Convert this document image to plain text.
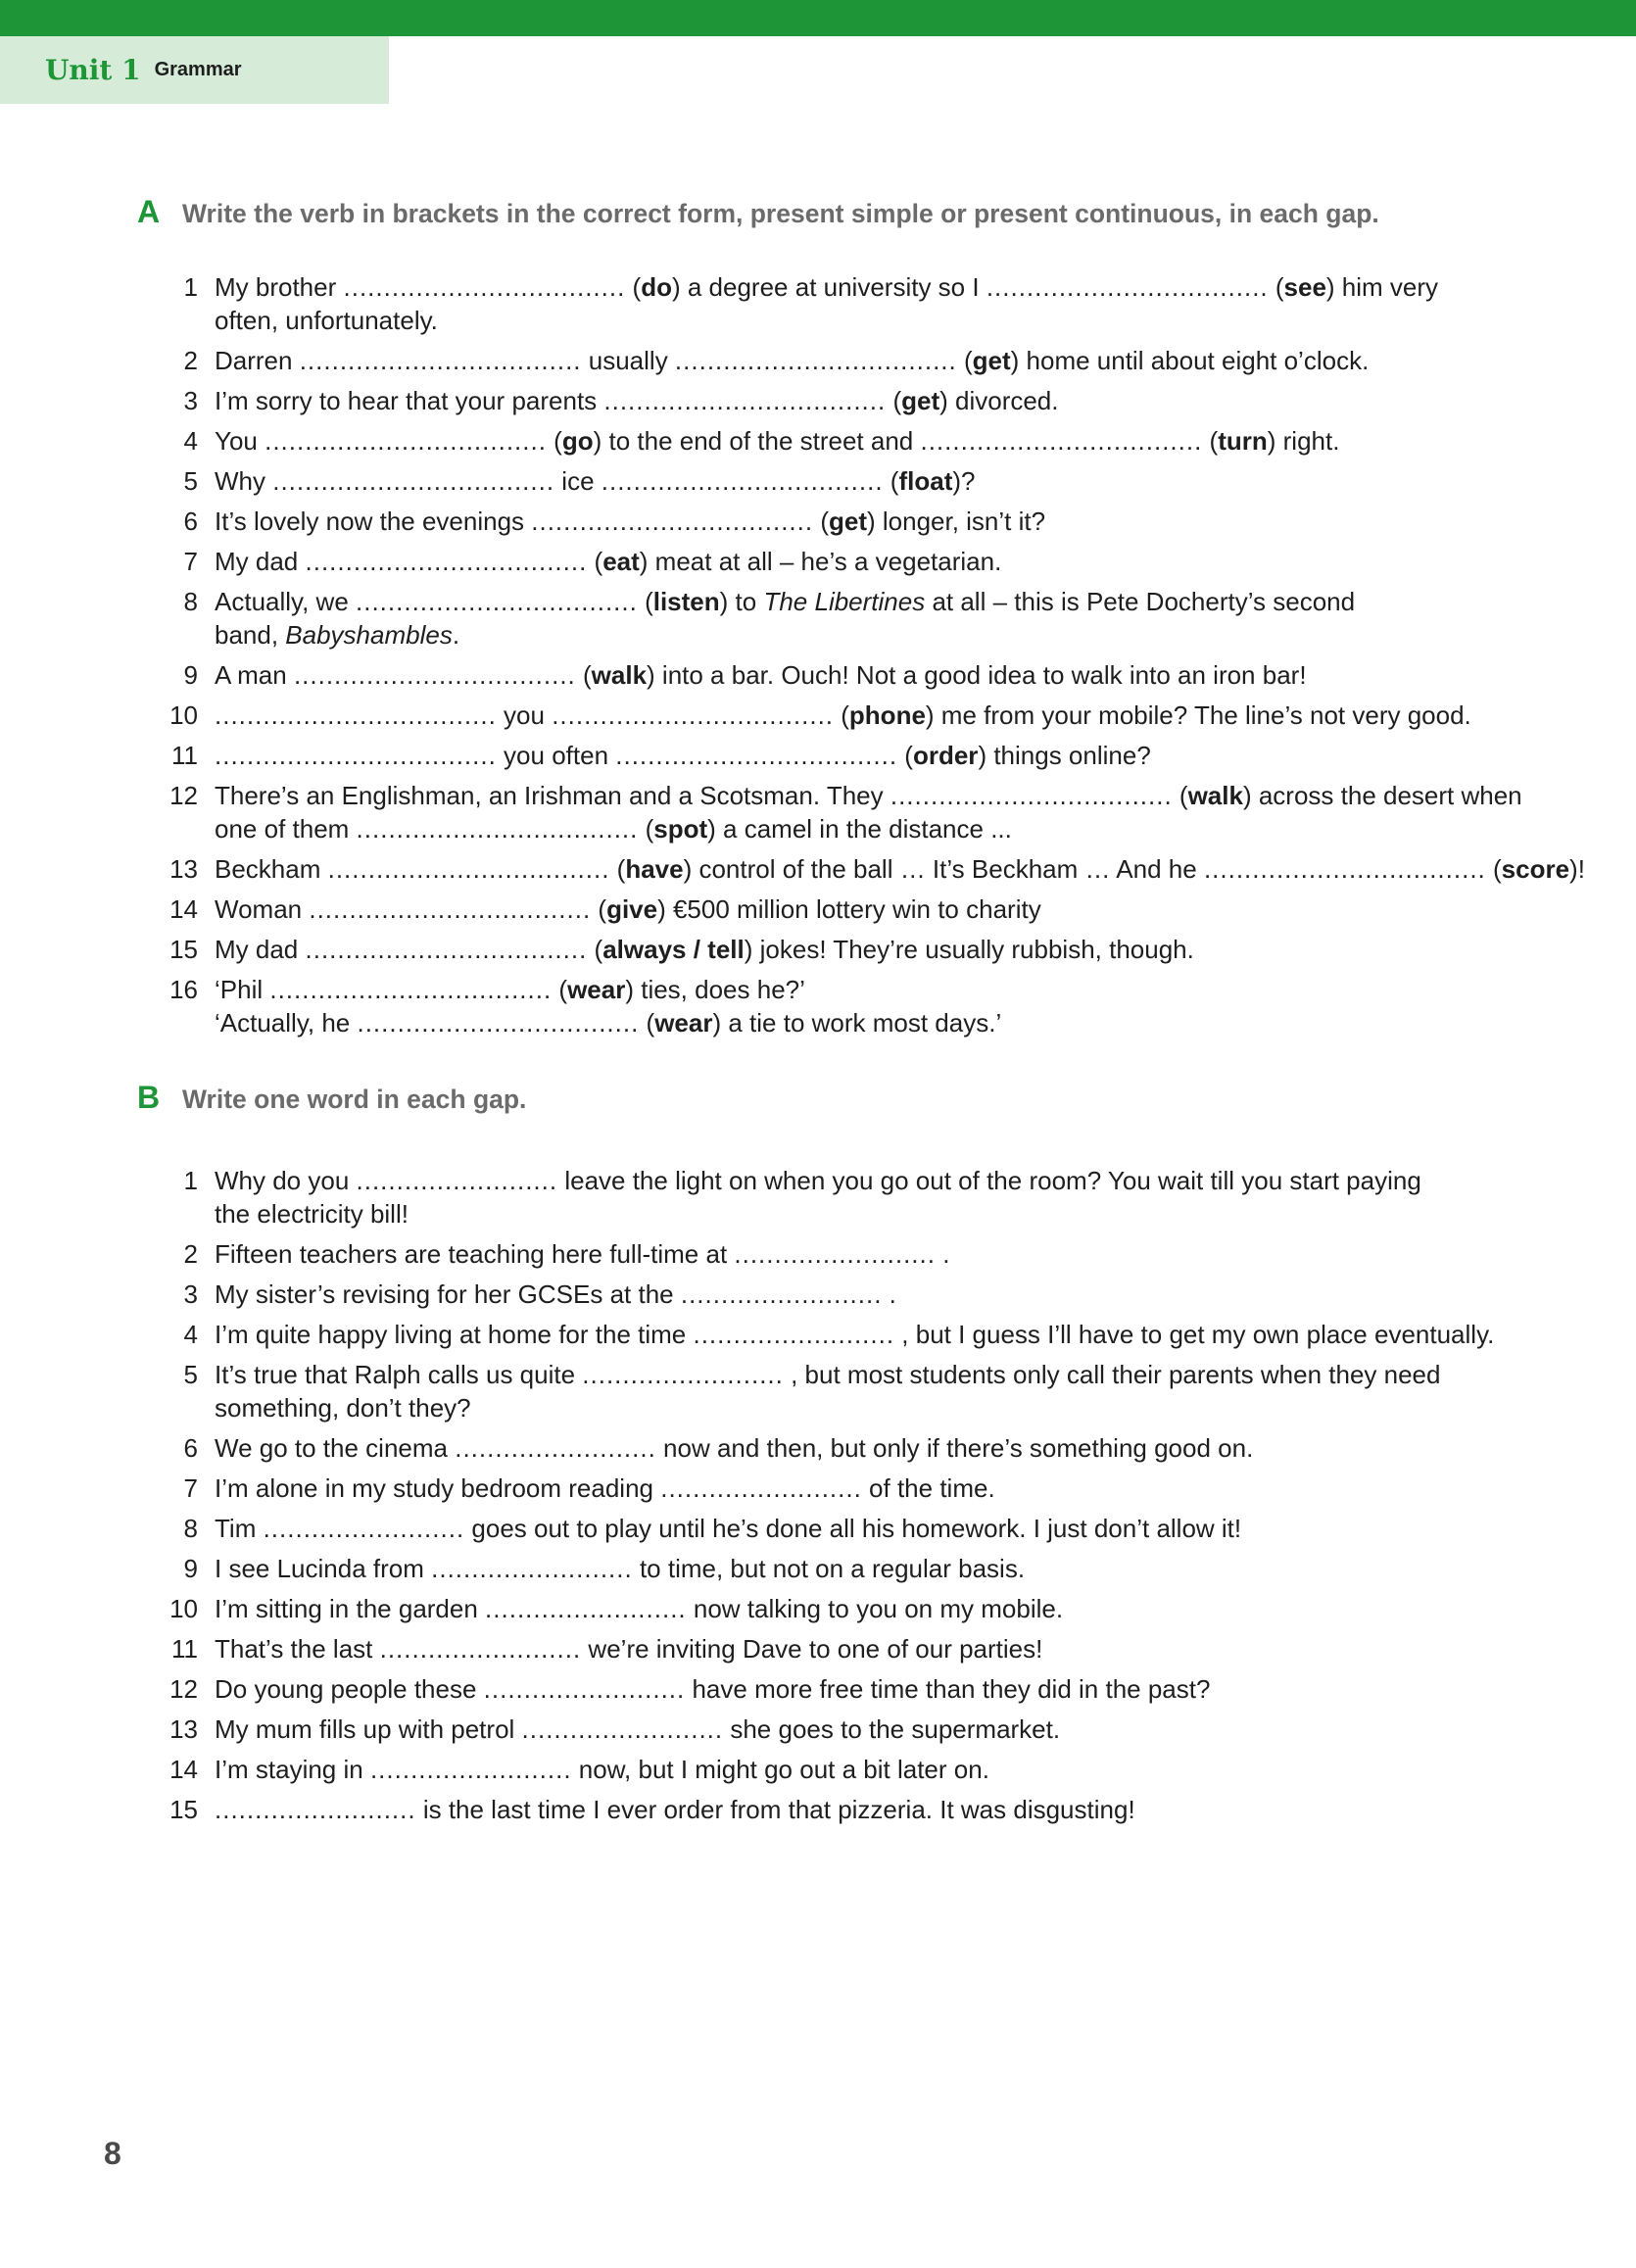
Unit 1 Grammar
A Write the verb in brackets in the correct form, present simple or present continuous, in each gap.
1 My brother ................................... (do) a degree at university so I ................................... (see) him very
often, unfortunately.
2 Darren ................................... usually ................................... (get) home until about eight o’clock.
3 I’m sorry to hear that your parents ................................... (get) divorced.
4 You ................................... (go) to the end of the street and ................................... (turn) right.
5 Why ................................... ice ................................... (float)?
6 It’s lovely now the evenings ................................... (get) longer, isn’t it?
7 My dad ................................... (eat) meat at all – he’s a vegetarian.
8 Actually, we ................................... (listen) to The Libertines at all – this is Pete Docherty’s second
band, Babyshambles.
9 A man ................................... (walk) into a bar. Ouch! Not a good idea to walk into an iron bar!
10 ................................... you ................................... (phone) me from your mobile? The line’s not very good.
11 ................................... you often ................................... (order) things online?
12 There’s an Englishman, an Irishman and a Scotsman. They ................................... (walk) across the desert when
one of them ................................... (spot) a camel in the distance ...
13 Beckham ................................... (have) control of the ball … It’s Beckham … And he ................................... (score)!
14 Woman ................................... (give) €500 million lottery win to charity
15 My dad ................................... (always / tell) jokes! They’re usually rubbish, though.
16 ‘Phil ................................... (wear) ties, does he?’
‘Actually, he ................................... (wear) a tie to work most days.’
B Write one word in each gap.
1 Why do you ......................... leave the light on when you go out of the room? You wait till you start paying
the electricity bill!
2 Fifteen teachers are teaching here full-time at ......................... .
3 My sister’s revising for her GCSEs at the ......................... .
4 I’m quite happy living at home for the time ......................... , but I guess I’ll have to get my own place eventually.
5 It’s true that Ralph calls us quite ......................... , but most students only call their parents when they need
something, don’t they?
6 We go to the cinema ......................... now and then, but only if there’s something good on.
7 I’m alone in my study bedroom reading ......................... of the time.
8 Tim ......................... goes out to play until he’s done all his homework. I just don’t allow it!
9 I see Lucinda from ......................... to time, but not on a regular basis.
10 I’m sitting in the garden ......................... now talking to you on my mobile.
11 That’s the last ......................... we’re inviting Dave to one of our parties!
12 Do young people these ......................... have more free time than they did in the past?
13 My mum fills up with petrol ......................... she goes to the supermarket.
14 I’m staying in ......................... now, but I might go out a bit later on.
15 ......................... is the last time I ever order from that pizzeria. It was disgusting!
8
